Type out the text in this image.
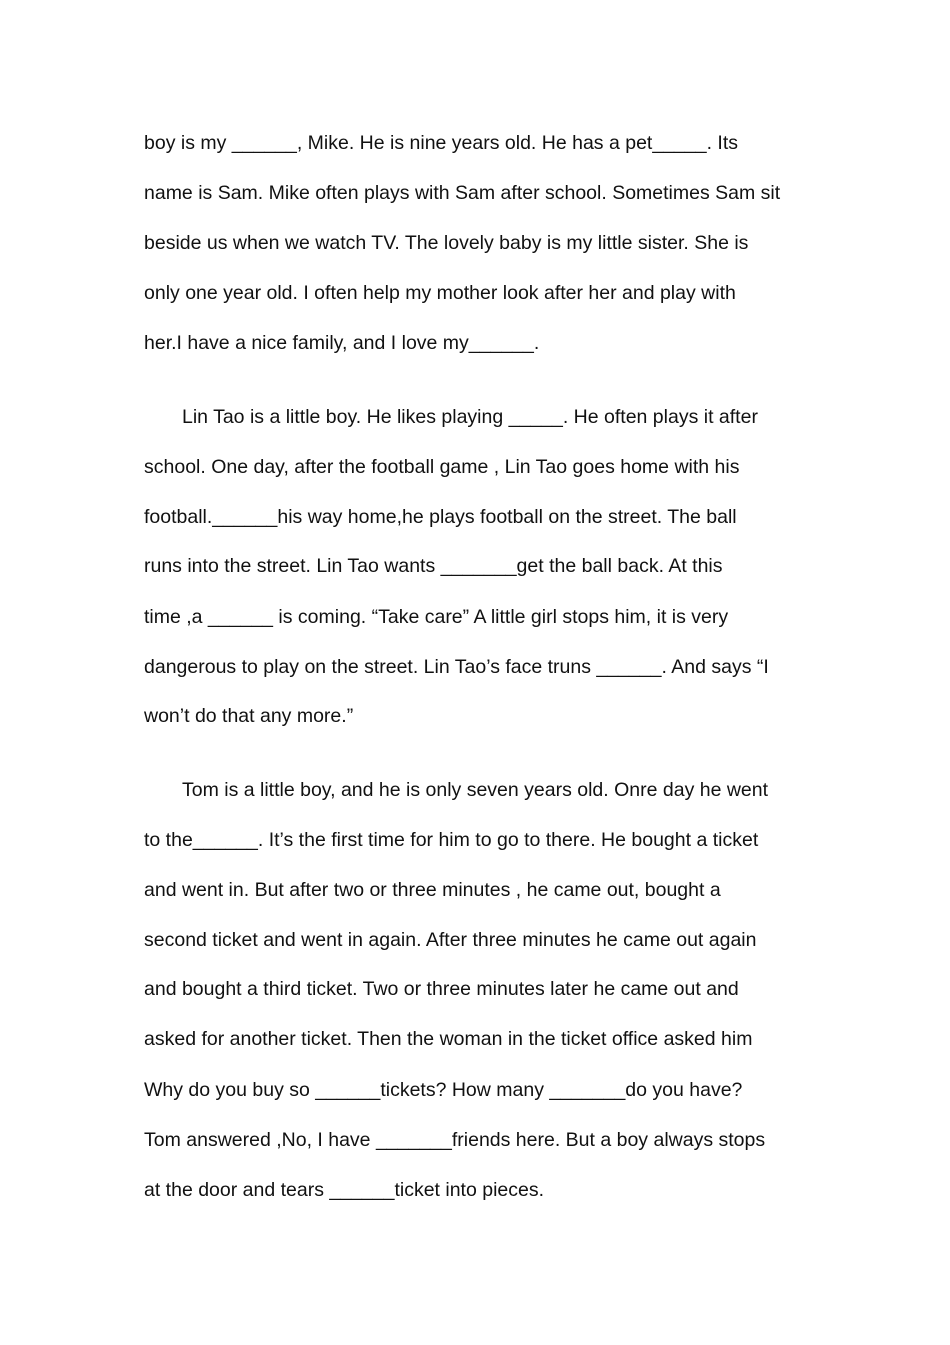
boy is my ______, Mike. He is nine years old. He has a pet_____. Its
name is Sam. Mike often plays with Sam after school. Sometimes Sam sit
beside us when we watch TV. The lovely baby is my little sister. She is
only one year old. I often help my mother look after her and play with
her.I have a nice family, and I love my______.
Lin Tao is a little boy. He likes playing _____. He often plays it after
school. One day, after the football game , Lin Tao goes home with his
football.______his way home,he plays football on the street. The ball
runs into the street. Lin Tao wants _______get the ball back. At this
time ,a ______ is coming. “Take care” A little girl stops him, it is very
dangerous to play on the street. Lin Tao’s face truns ______. And says “I
won’t do that any more.”
Tom is a little boy, and he is only seven years old. Onre day he went
to the______. It’s the first time for him to go to there. He bought a ticket
and went in. But after two or three minutes , he came out, bought a
second ticket and went in again. After three minutes he came out again
and bought a third ticket. Two or three minutes later he came out and
asked for another ticket. Then the woman in the ticket office asked him
Why do you buy so ______tickets? How many _______do you have?
Tom answered ,No, I have _______friends here. But a boy always stops
at the door and tears ______ticket into pieces.
